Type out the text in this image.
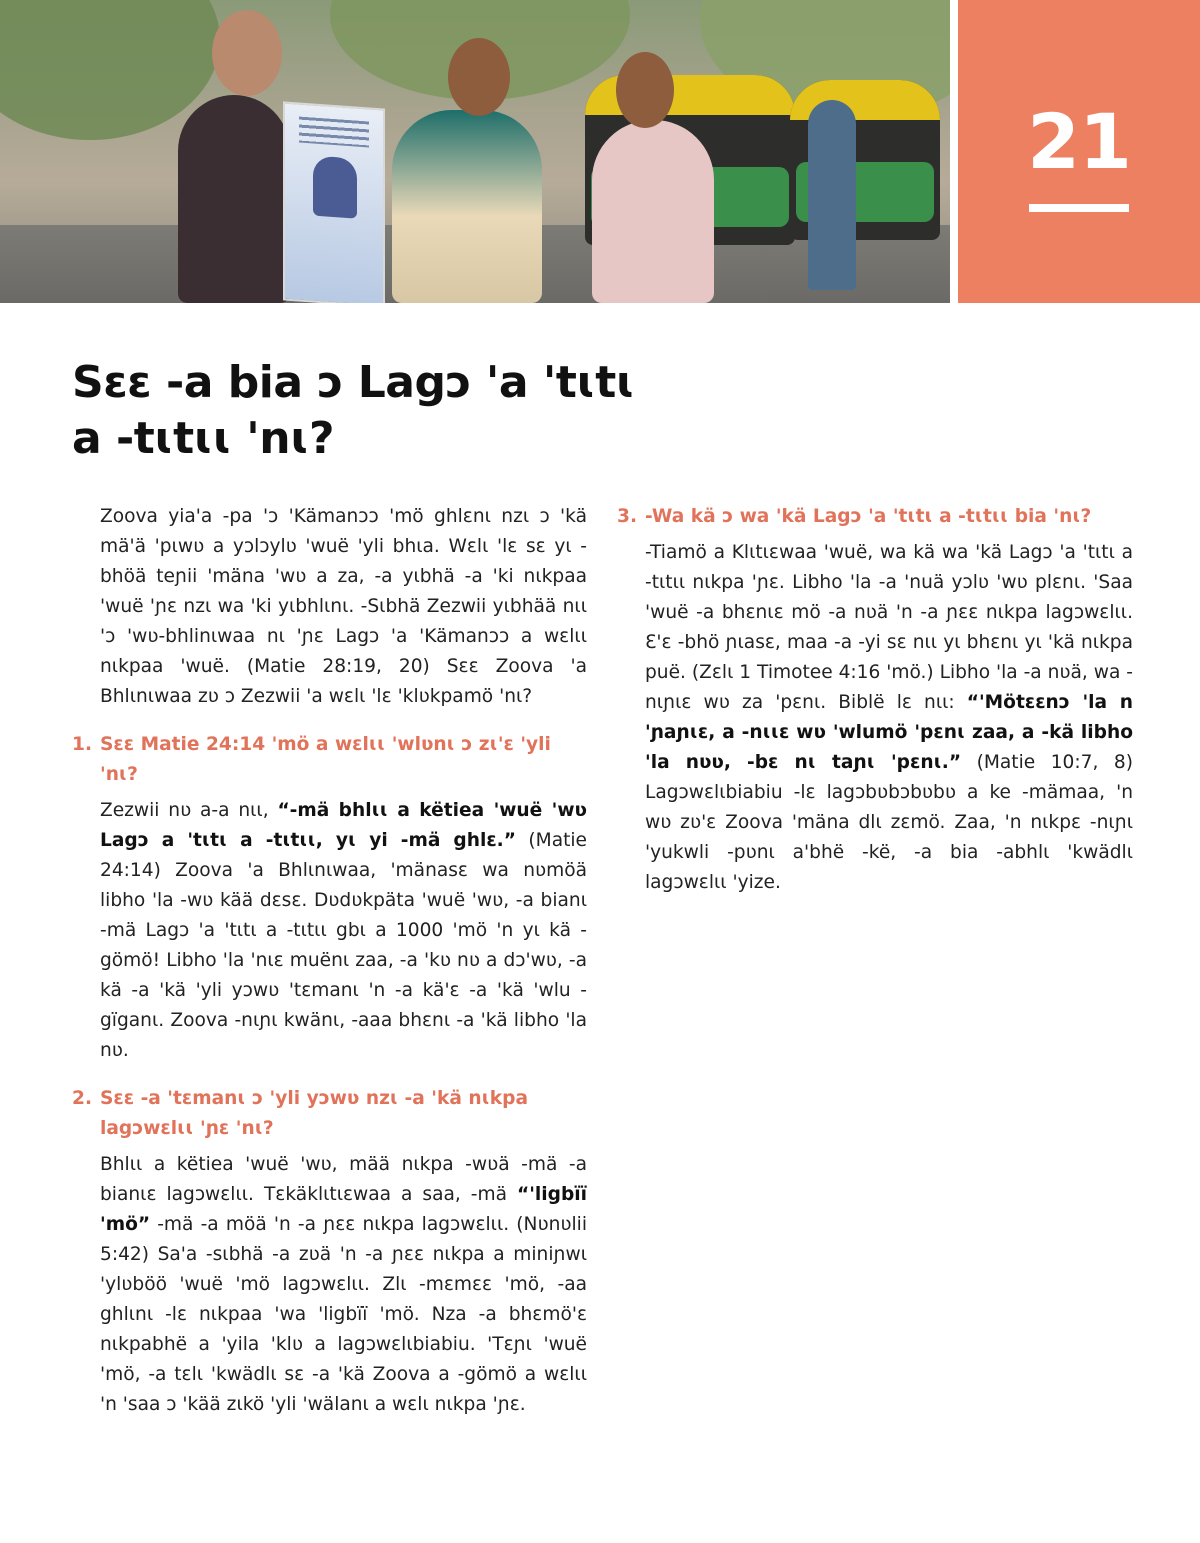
21
Sɛɛ -a bia ɔ Lagɔ 'a 'tɩtɩ
a -tɩtɩɩ 'nɩ?

Zoova yia'a -pa 'ɔ 'Kämanɔɔ 'mö ghlɛnɩ nzɩ ɔ 'kä mä'ä 'pɩwʋ a yɔlɔylʋ 'wuë 'yli bhɩa. Wɛlɩ 'lɛ sɛ yɩ -bhöä teɲii 'mäna 'wʋ a za, -a yɩbhä -a 'ki nɩkpaa 'wuë 'ɲɛ nzɩ wa 'ki yɩbhlɩnɩ. -Sɩbhä Zezwii yɩbhää nɩɩ 'ɔ 'wʋ-bhlinɩwaa nɩ 'ɲɛ Lagɔ 'a 'Kämanɔɔ a wɛlɩɩ nɩkpaa 'wuë. (Matie 28:19, 20) Sɛɛ Zoova 'a Bhlɩnɩwaa zʋ ɔ Zezwii 'a wɛlɩ 'lɛ 'klʋkpamö 'nɩ?

1. Sɛɛ Matie 24:14 'mö a wɛlɩɩ 'wlʋnɩ ɔ zɩ'ɛ 'yli 'nɩ?

Zezwii nʋ a-a nɩɩ, “-mä bhlɩɩ a këtiea 'wuë 'wʋ Lagɔ a 'tɩtɩ a -tɩtɩɩ, yɩ yi -mä ghlɛ.” (Matie 24:14) Zoova 'a Bhlɩnɩwaa, 'mänasɛ wa nʋmöä libho 'la -wʋ kää dɛsɛ. Dʋdʋkpäta 'wuë 'wʋ, -a bianɩ -mä Lagɔ 'a 'tɩtɩ a -tɩtɩɩ gbɩ a 1000 'mö 'n yɩ kä -gömö! Libho 'la 'nɩɛ muënɩ zaa, -a 'kʋ nʋ a dɔ'wʋ, -a kä -a 'kä 'yli yɔwʋ 'tɛmanɩ 'n -a kä'ɛ -a 'kä 'wlu -gïganɩ. Zoova -nɩɲɩ kwänɩ, -aaa bhɛnɩ -a 'kä libho 'la nʋ.

2. Sɛɛ -a 'tɛmanɩ ɔ 'yli yɔwʋ nzɩ -a 'kä nɩkpa lagɔwɛlɩɩ 'ɲɛ 'nɩ?

Bhlɩɩ a këtiea 'wuë 'wʋ, mää nɩkpa -wʋä -mä -a bianɩɛ lagɔwɛlɩɩ. Tɛkäklɩtɩɛwaa a saa, -mä “'ligbïï 'mö” -mä -a möä 'n -a ɲɛɛ nɩkpa lagɔwɛlɩɩ. (Nʋnʋlii 5:42) Sa'a -sɩbhä -a zʋä 'n -a ɲɛɛ nɩkpa a miniɲwɩ 'ylʋböö 'wuë 'mö lagɔwɛlɩɩ. Zlɩ -mɛmɛɛ 'mö, -aa ghlɩnɩ -lɛ nɩkpaa 'wa 'ligbïï 'mö. Nza -a bhɛmö'ɛ nɩkpabhë a 'yila 'klʋ a lagɔwɛlɩbiabiu. 'Tɛɲɩ 'wuë 'mö, -a tɛlɩ 'kwädlɩ sɛ -a 'kä Zoova a -gömö a wɛlɩɩ 'n 'saa ɔ 'kää zɩkö 'yli 'wälanɩ a wɛlɩ nɩkpa 'ɲɛ.

3. -Wa kä ɔ wa 'kä Lagɔ 'a 'tɩtɩ a -tɩtɩɩ bia 'nɩ?

-Tiamö a Klɩtɩɛwaa 'wuë, wa kä wa 'kä Lagɔ 'a 'tɩtɩ a -tɩtɩɩ nɩkpa 'ɲɛ. Libho 'la -a 'nuä yɔlʋ 'wʋ plɛnɩ. 'Saa 'wuë -a bhɛnɩɛ mö -a nʋä 'n -a ɲɛɛ nɩkpa lagɔwɛlɩɩ. Ɛ'ɛ -bhö ɲɩasɛ, maa -a -yi sɛ nɩɩ yɩ bhɛnɩ yɩ 'kä nɩkpa puë. (Zɛlɩ 1 Timotee 4:16 'mö.) Libho 'la -a nʋä, wa -nɩɲɩɛ wʋ za 'pɛnɩ. Biblë lɛ nɩɩ: “'Mötɛɛnɔ 'la n 'ɲaɲɩɛ, a -nɩɩɛ wʋ 'wlumö 'pɛnɩ zaa, a -kä libho 'la nʋʋ, -bɛ nɩ taɲɩ 'pɛnɩ.” (Matie 10:7, 8) Lagɔwɛlɩbiabiu -lɛ lagɔbʋbɔbʋbʋ a ke -mämaa, 'n wʋ zʋ'ɛ Zoova 'mäna dlɩ zɛmö. Zaa, 'n nɩkpɛ -nɩɲɩ 'yukwli -pʋnɩ a'bhë -kë, -a bia -abhlɩ 'kwädlɩ lagɔwɛlɩɩ 'yize.
